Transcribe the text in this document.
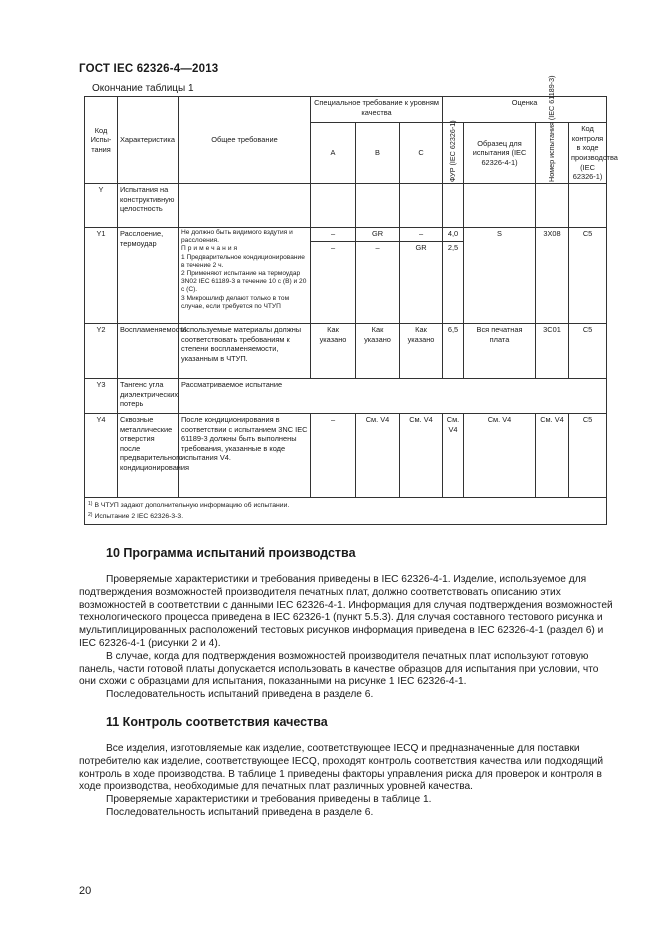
ГОСТ IEC 62326-4—2013
Окончание таблицы 1
Код Испы-тания	Характеристика	Общее требование	Специальное требование к уровням качества			Оценка			
			A	B	C	ФУР (IEC 62326-1)	Образец для испытания (IEC 62326-4-1)	Номер испытания (IEC 61189-3)	Код контроля в ходе производства (IEC 62326-1)
Y	Испытания на конструктивную целостность								
Y1	Расслоение, термоудар	Не должно быть видимого вздутия и расслоения.
Примечания
1 Предварительное кондиционирование в течение 2 ч.
2 Применяют испытание на термоудар 3N02 IEC 61189-3 в течение 10 с (B) и 20 с (C).
3 Микрошлиф делают только в том случае, если требуется по ЧТУП	–	GR	–	4,0	S	3X08	C5
			–	–	GR	2,5			
Y2	Воспламеняемость	Используемые материалы должны соответствовать требованиям к степени воспламеняемости, указанным в ЧТУП.	Как указано	Как указано	Как указано	6,5	Вся печатная плата	3C01	C5
Y3	Тангенс угла диэлектрических потерь	Рассматриваемое испытание							
Y4	Сквозные металлические отверстия после предварительного кондиционирования	После кондиционирования в соответствии с испытанием 3NC IEC 61189-3 должны быть выполнены требования, указанные в коде испытания V4.	–	См. V4	См. V4	См. V4	См. V4	См. V4	C5

$^{1)}$ В ЧТУП задают дополнительную информацию об испытании.
$^{2)}$ Испытание 2 IEC 62326-3-3.									
10 Программа испытаний производства

Проверяемые характеристики и требования приведены в IEC 62326-4-1. Изделие, используемое для подтверждения возможностей производителя печатных плат, должно соответствовать описанию этих возможностей в соответствии с данными IEC 62326-4-1. Информация для случая подтверждения возможностей технологического процесса приведена в IEC 62326-1 (пункт 5.5.3). Для случая составного тестового рисунка и мультиплицированных расположений тестовых рисунков информация приведена в IEC 62326-4-1 (раздел 6) и IEC 62326-4-1 (рисунки 2 и 4).

В случае, когда для подтверждения возможностей производителя печатных плат используют готовую панель, части готовой платы допускается использовать в качестве образцов для испытания при условии, что они схожи с образцами для испытания, показанными на рисунке 1 IEC 62326-4-1.

Последовательность испытаний приведена в разделе 6.

11 Контроль соответствия качества

Все изделия, изготовляемые как изделие, соответствующее IECQ и предназначенные для поставки потребителю как изделие, соответствующее IECQ, проходят контроль соответствия качества или подходящий контроль в ходе производства. В таблице 1 приведены факторы управления риска для проверок и контроля в ходе производства, необходимые для печатных плат различных уровней качества.

Проверяемые характеристики и требования приведены в таблице 1.

Последовательность испытаний приведена в разделе 6.

20
